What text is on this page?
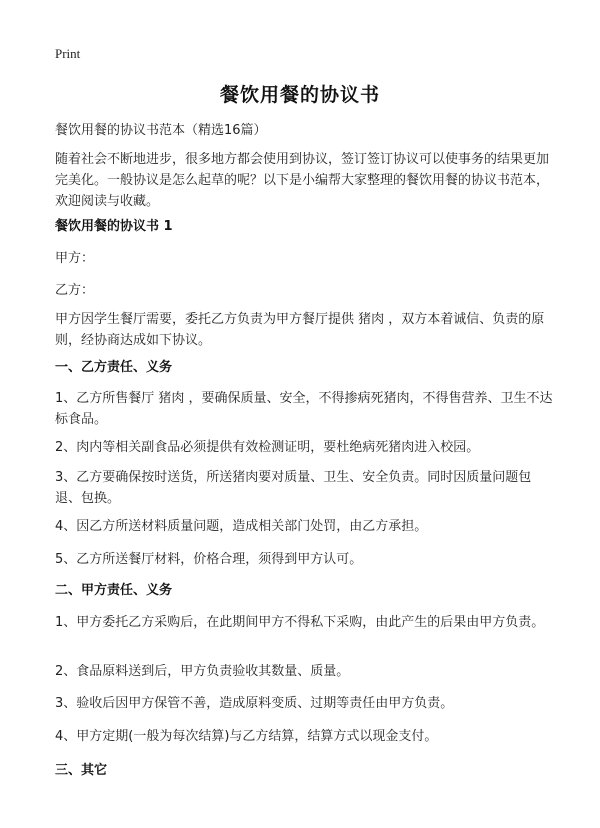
Print
餐饮用餐的协议书

餐饮用餐的协议书范本（精选16篇）

随着社会不断地进步，很多地方都会使用到协议，签订签订协议可以使事务的结果更加完美化。一般协议是怎么起草的呢？以下是小编帮大家整理的餐饮用餐的协议书范本，欢迎阅读与收藏。

餐饮用餐的协议书 1

甲方：

乙方：

甲方因学生餐厅需要，委托乙方负责为甲方餐厅提供 猪肉 ，双方本着诚信、负责的原则，经协商达成如下协议。

一、乙方责任、义务

1、乙方所售餐厅 猪肉 ，要确保质量、安全，不得掺病死猪肉，不得售营养、卫生不达标食品。

2、肉内等相关副食品必须提供有效检测证明，要杜绝病死猪肉进入校园。

3、乙方要确保按时送货，所送猪肉要对质量、卫生、安全负责。同时因质量问题包退、包换。

4、因乙方所送材料质量问题，造成相关部门处罚，由乙方承担。

5、乙方所送餐厅材料，价格合理，须得到甲方认可。

二、甲方责任、义务

1、甲方委托乙方采购后，在此期间甲方不得私下采购，由此产生的后果由甲方负责。

2、食品原料送到后，甲方负责验收其数量、质量。

3、验收后因甲方保管不善，造成原料变质、过期等责任由甲方负责。

4、甲方定期(一般为每次结算)与乙方结算，结算方式以现金支付。

三、其它
